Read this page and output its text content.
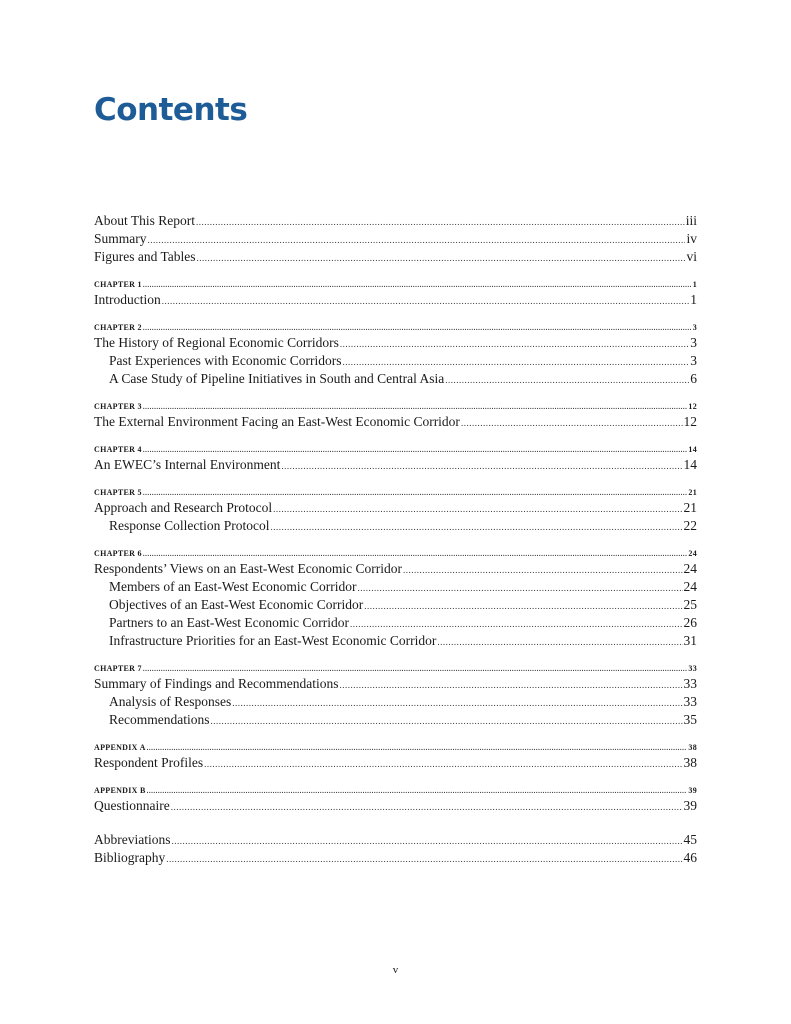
Contents
About This Report .....	iii
Summary .....	iv
Figures and Tables .....	vi
CHAPTER 1 .....	1
Introduction .....	1
CHAPTER 2 .....	3
The History of Regional Economic Corridors .....	3
Past Experiences with Economic Corridors .....	3
A Case Study of Pipeline Initiatives in South and Central Asia .....	6
CHAPTER 3 .....	12
The External Environment Facing an East-West Economic Corridor .....	12
CHAPTER 4 .....	14
An EWEC’s Internal Environment .....	14
CHAPTER 5 .....	21
Approach and Research Protocol .....	21
Response Collection Protocol .....	22
CHAPTER 6 .....	24
Respondents’ Views on an East-West Economic Corridor .....	24
Members of an East-West Economic Corridor .....	24
Objectives of an East-West Economic Corridor .....	25
Partners to an East-West Economic Corridor .....	26
Infrastructure Priorities for an East-West Economic Corridor .....	31
CHAPTER 7 .....	33
Summary of Findings and Recommendations .....	33
Analysis of Responses .....	33
Recommendations .....	35
APPENDIX A .....	38
Respondent Profiles .....	38
APPENDIX B .....	39
Questionnaire .....	39
Abbreviations .....	45
Bibliography .....	46
v
